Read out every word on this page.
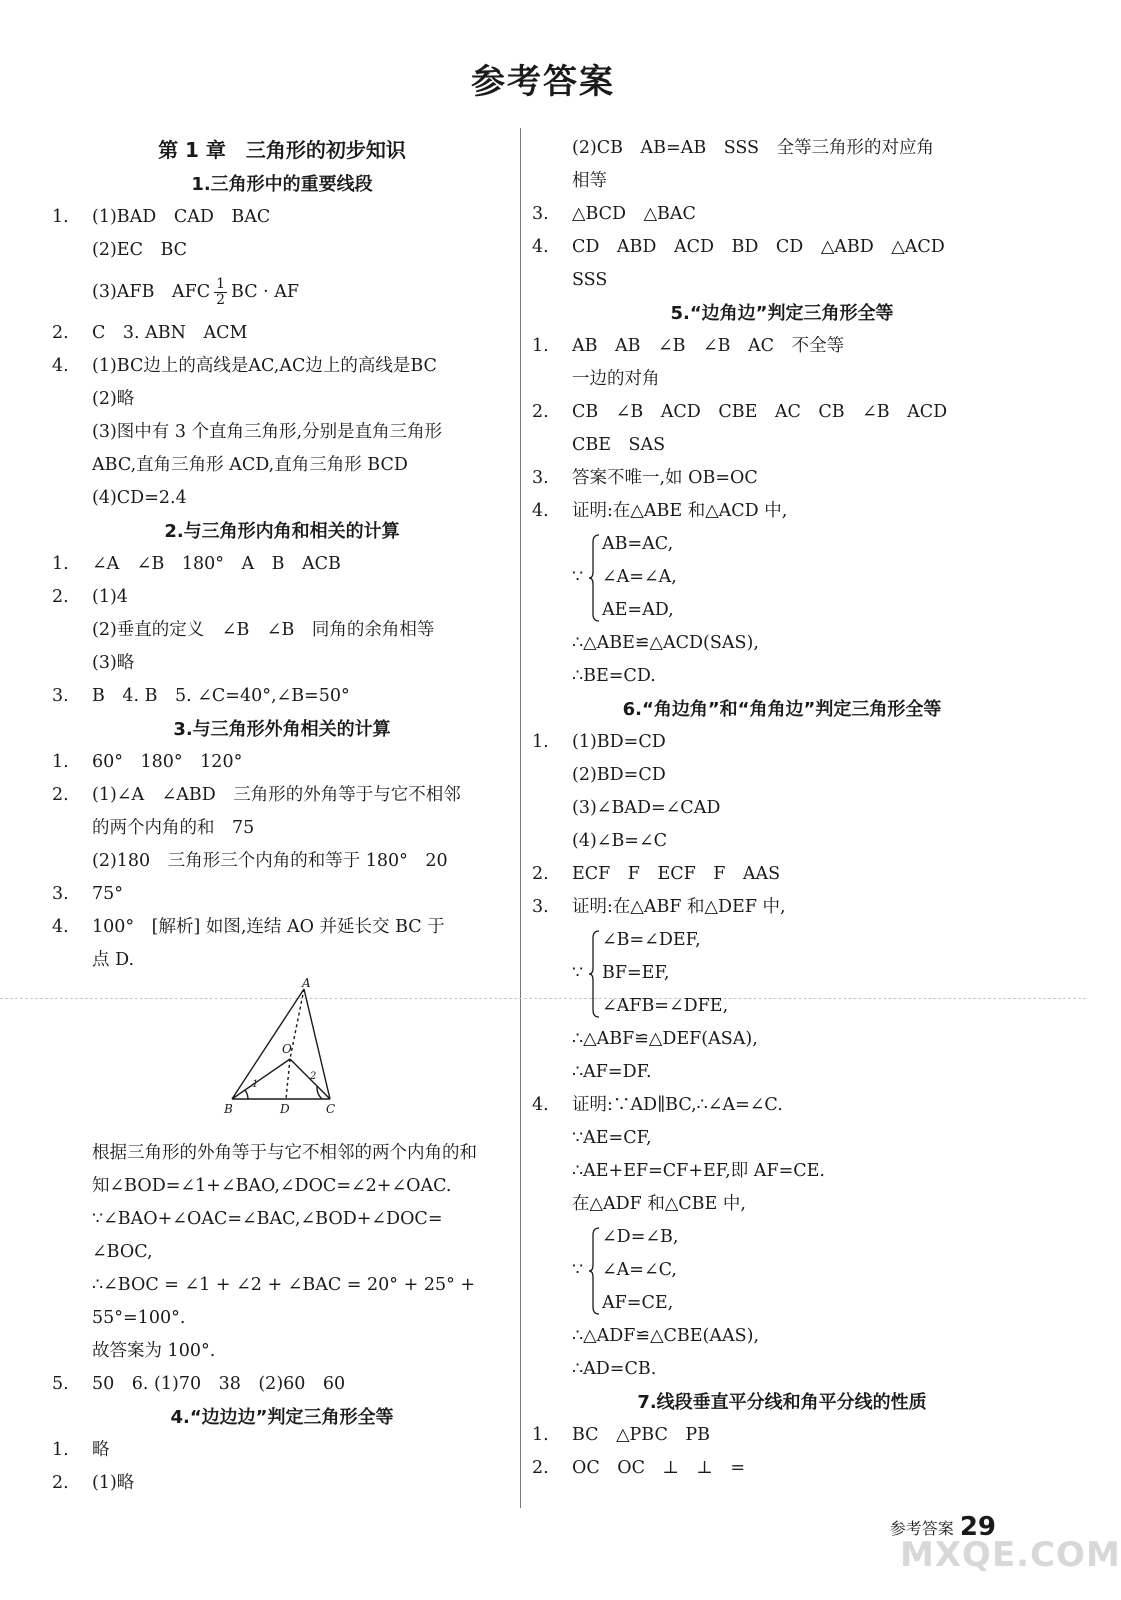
参考答案
第 1 章　三角形的初步知识
1.三角形中的重要线段
1. (1)BAD　CAD　BAC
(2)EC　BC
(3)AFB　AFC $\frac{1}{2}$ BC · AF
2. C　3. ABN　ACM
4. (1)BC边上的高线是AC,AC边上的高线是BC
(2)略
(3)图中有 3 个直角三角形,分别是直角三角形
ABC,直角三角形 ACD,直角三角形 BCD
(4)CD=2.4
2.与三角形内角和相关的计算
1. ∠A　∠B　180°　A　B　ACB
2. (1)4
(2)垂直的定义　∠B　∠B　同角的余角相等
(3)略
3. B　4. B　5. ∠C=40°,∠B=50°
3.与三角形外角相关的计算
1. 60°　180°　120°
2. (1)∠A　∠ABD　三角形的外角等于与它不相邻
的两个内角的和　75
(2)180　三角形三个内角的和等于 180°　20
3. 75°
4. 100°　[解析] 如图,连结 AO 并延长交 BC 于
点 D.
A
B	C
D
O
1
2
根据三角形的外角等于与它不相邻的两个内角的和
知∠BOD=∠1+∠BAO,∠DOC=∠2+∠OAC.
∵∠BAO+∠OAC=∠BAC,∠BOD+∠DOC=
∠BOC,
∴∠BOC = ∠1 + ∠2 + ∠BAC = 20° + 25° +
55°=100°.
故答案为 100°.
5. 50　6. (1)70　38　(2)60　60
4.“边边边”判定三角形全等
1. 略
2. (1)略
(2)CB　AB=AB　SSS　全等三角形的对应角
相等
3. △BCD　△BAC
4. CD　ABD　ACD　BD　CD　△ABD　△ACD
SSS
5.“边角边”判定三角形全等
1. AB　AB　∠B　∠B　AC　不全等
一边的对角
2. CB　∠B　ACD　CBE　AC　CB　∠B　ACD
CBE　SAS
3. 答案不唯一,如 OB=OC
4. 证明:在△ABE 和△ACD 中,
∵
AB=AC,
∠A=∠A,
AE=AD,
∴△ABE≌△ACD(SAS),
∴BE=CD.
6.“角边角”和“角角边”判定三角形全等
1. (1)BD=CD
(2)BD=CD
(3)∠BAD=∠CAD
(4)∠B=∠C
2. ECF　F　ECF　F　AAS
3. 证明:在△ABF 和△DEF 中,
∵
∠B=∠DEF,
BF=EF,
∠AFB=∠DFE,
∴△ABF≌△DEF(ASA),
∴AF=DF.
4. 证明:∵AD∥BC,∴∠A=∠C.
∵AE=CF,
∴AE+EF=CF+EF,即 AF=CE.
在△ADF 和△CBE 中,
∵
∠D=∠B,
∠A=∠C,
AF=CE,
∴△ADF≌△CBE(AAS),
∴AD=CB.
7.线段垂直平分线和角平分线的性质
1. BC　△PBC　PB
2. OC　OC　⊥　⊥　=
参考答案 29
MXQE.COM
